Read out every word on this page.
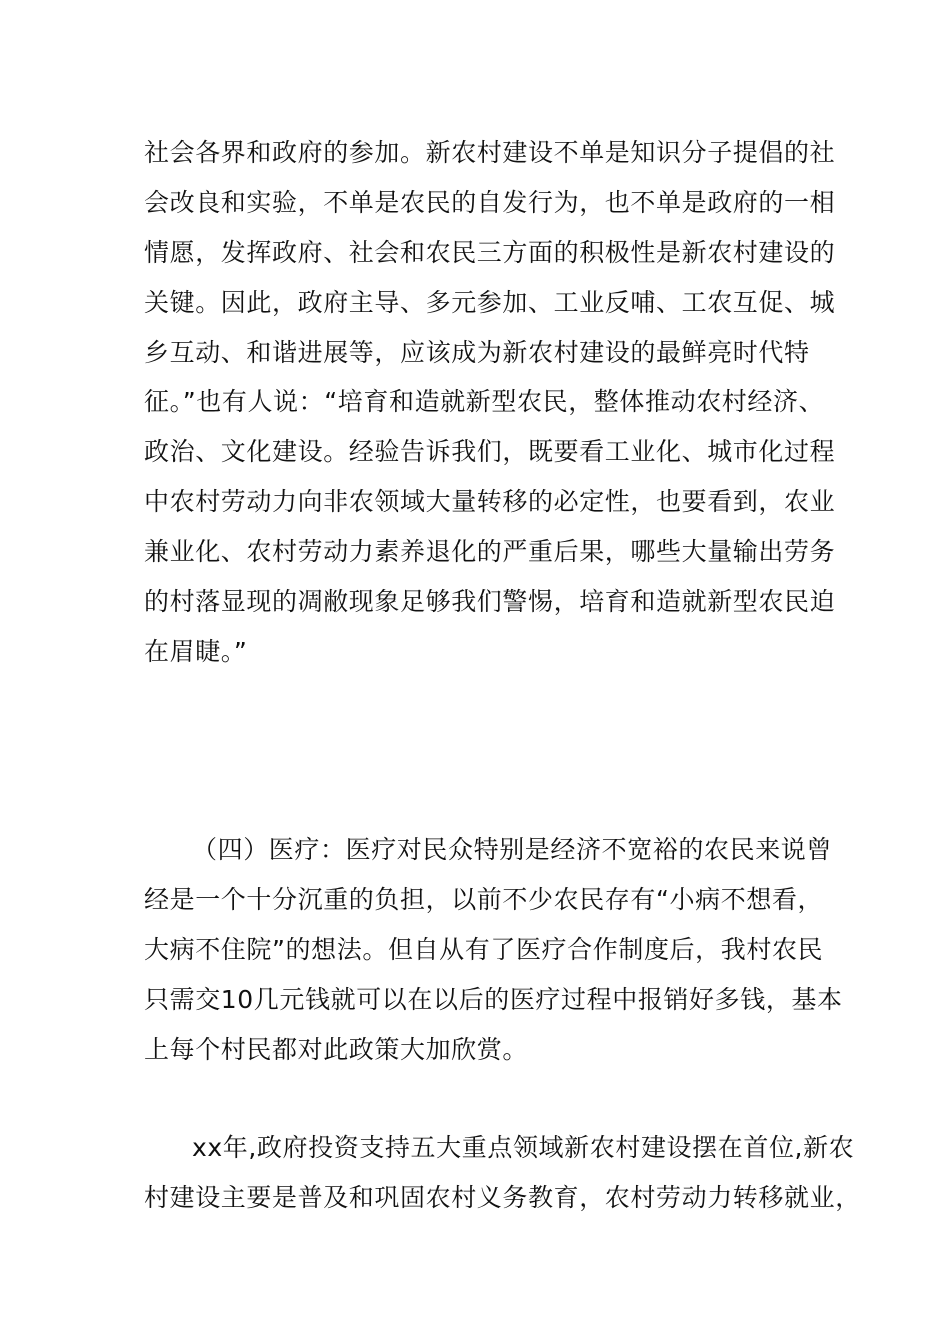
社会各界和政府的参加。新农村建设不单是知识分子提倡的社
会改良和实验，不单是农民的自发行为，也不单是政府的一相
情愿，发挥政府、社会和农民三方面的积极性是新农村建设的
关键。因此，政府主导、多元参加、工业反哺、工农互促、城
乡互动、和谐进展等，应该成为新农村建设的最鲜亮时代特
征。”也有人说：“培育和造就新型农民，整体推动农村经济、
政治、文化建设。经验告诉我们，既要看工业化、城市化过程
中农村劳动力向非农领域大量转移的必定性，也要看到，农业
兼业化、农村劳动力素养退化的严重后果，哪些大量输出劳务
的村落显现的凋敝现象足够我们警惕，培育和造就新型农民迫
在眉睫。”
（四）医疗：医疗对民众特别是经济不宽裕的农民来说曾
经是一个十分沉重的负担，以前不少农民存有“小病不想看，
大病不住院”的想法。但自从有了医疗合作制度后，我村农民
只需交10几元钱就可以在以后的医疗过程中报销好多钱，基本
上每个村民都对此政策大加欣赏。
xx年,政府投资支持五大重点领域新农村建设摆在首位,新农
村建设主要是普及和巩固农村义务教育，农村劳动力转移就业，
